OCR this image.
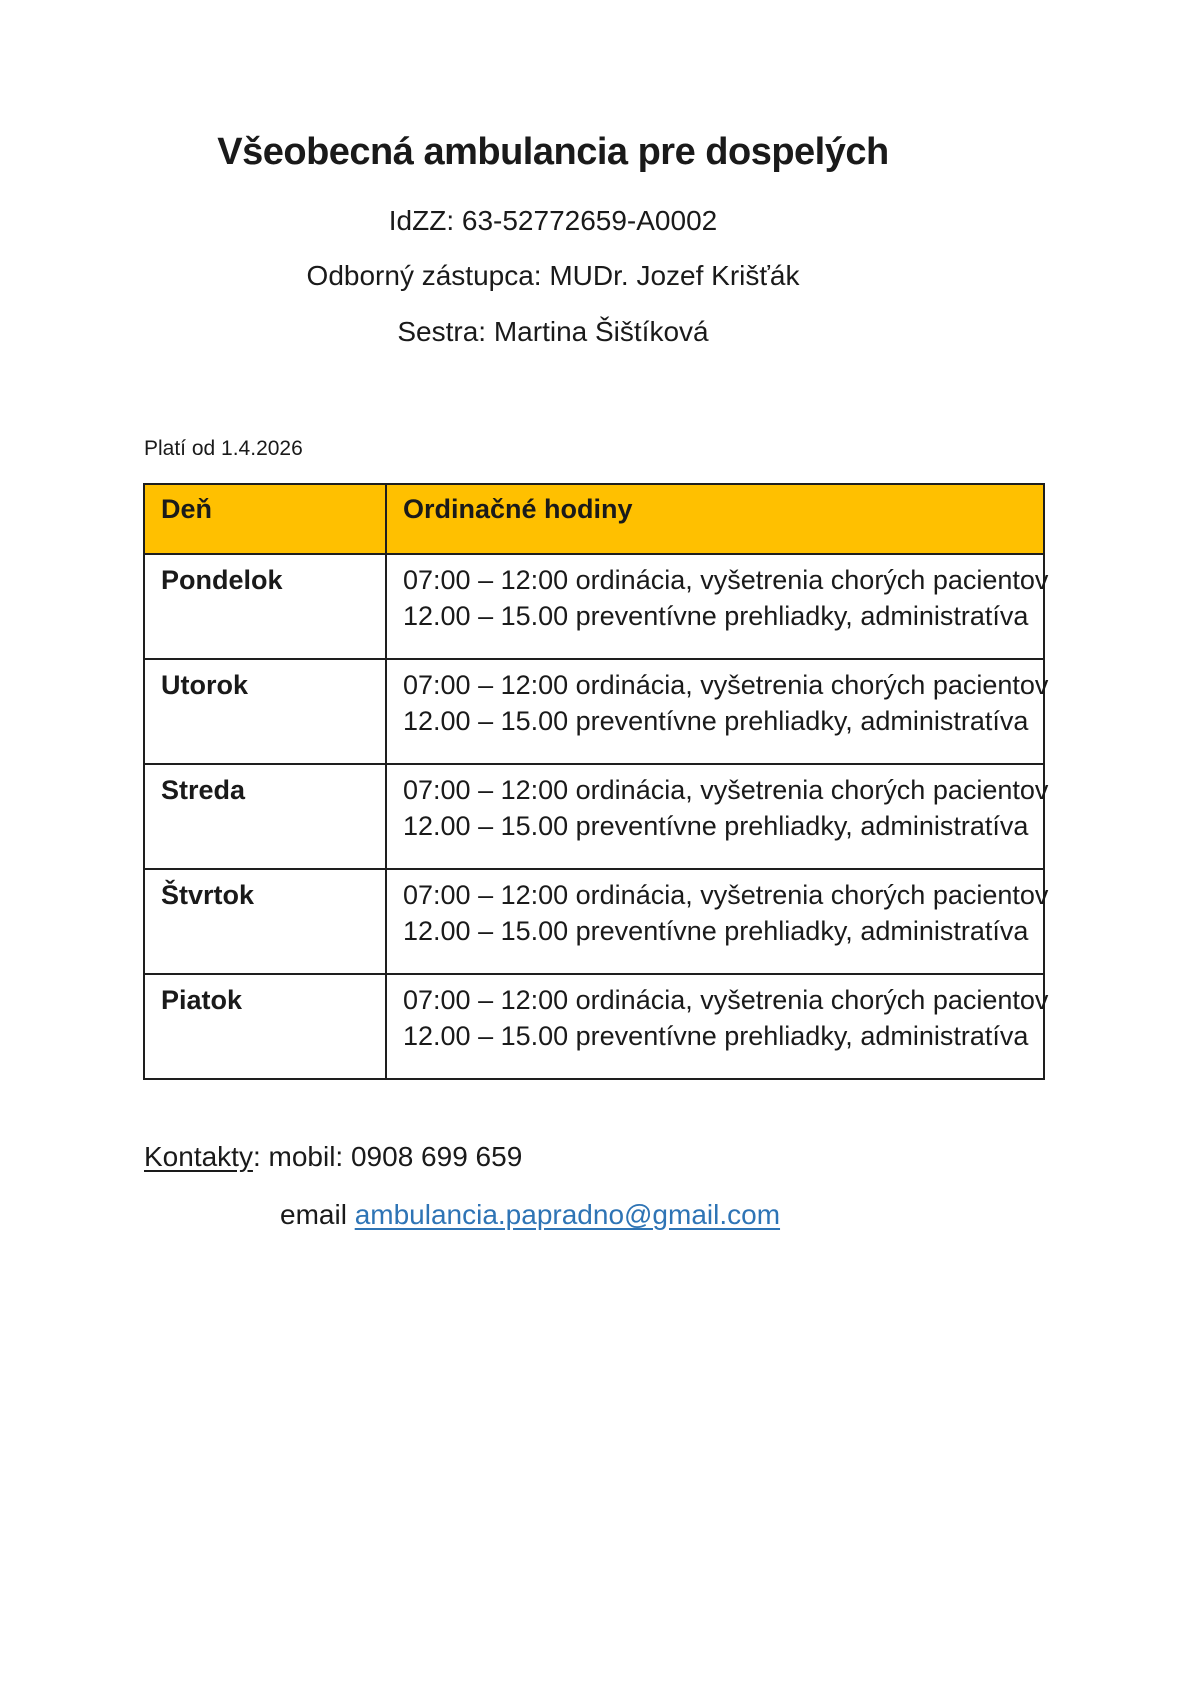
Všeobecná ambulancia pre dospelých
IdZZ: 63-52772659-A0002
Odborný zástupca: MUDr. Jozef Krišťák
Sestra: Martina Šištíková
Platí od 1.4.2026
Deň	Ordinačné hodiny
Pondelok	07:00 – 12:00 ordinácia, vyšetrenia chorých pacientov
12.00 – 15.00 preventívne prehliadky, administratíva

Utorok	07:00 – 12:00 ordinácia, vyšetrenia chorých pacientov
12.00 – 15.00 preventívne prehliadky, administratíva

Streda	07:00 – 12:00 ordinácia, vyšetrenia chorých pacientov
12.00 – 15.00 preventívne prehliadky, administratíva

Štvrtok	07:00 – 12:00 ordinácia, vyšetrenia chorých pacientov
12.00 – 15.00 preventívne prehliadky, administratíva

Piatok	07:00 – 12:00 ordinácia, vyšetrenia chorých pacientov
12.00 – 15.00 preventívne prehliadky, administratíva
Kontakty: mobil: 0908 699 659
email ambulancia.papradno@gmail.com
